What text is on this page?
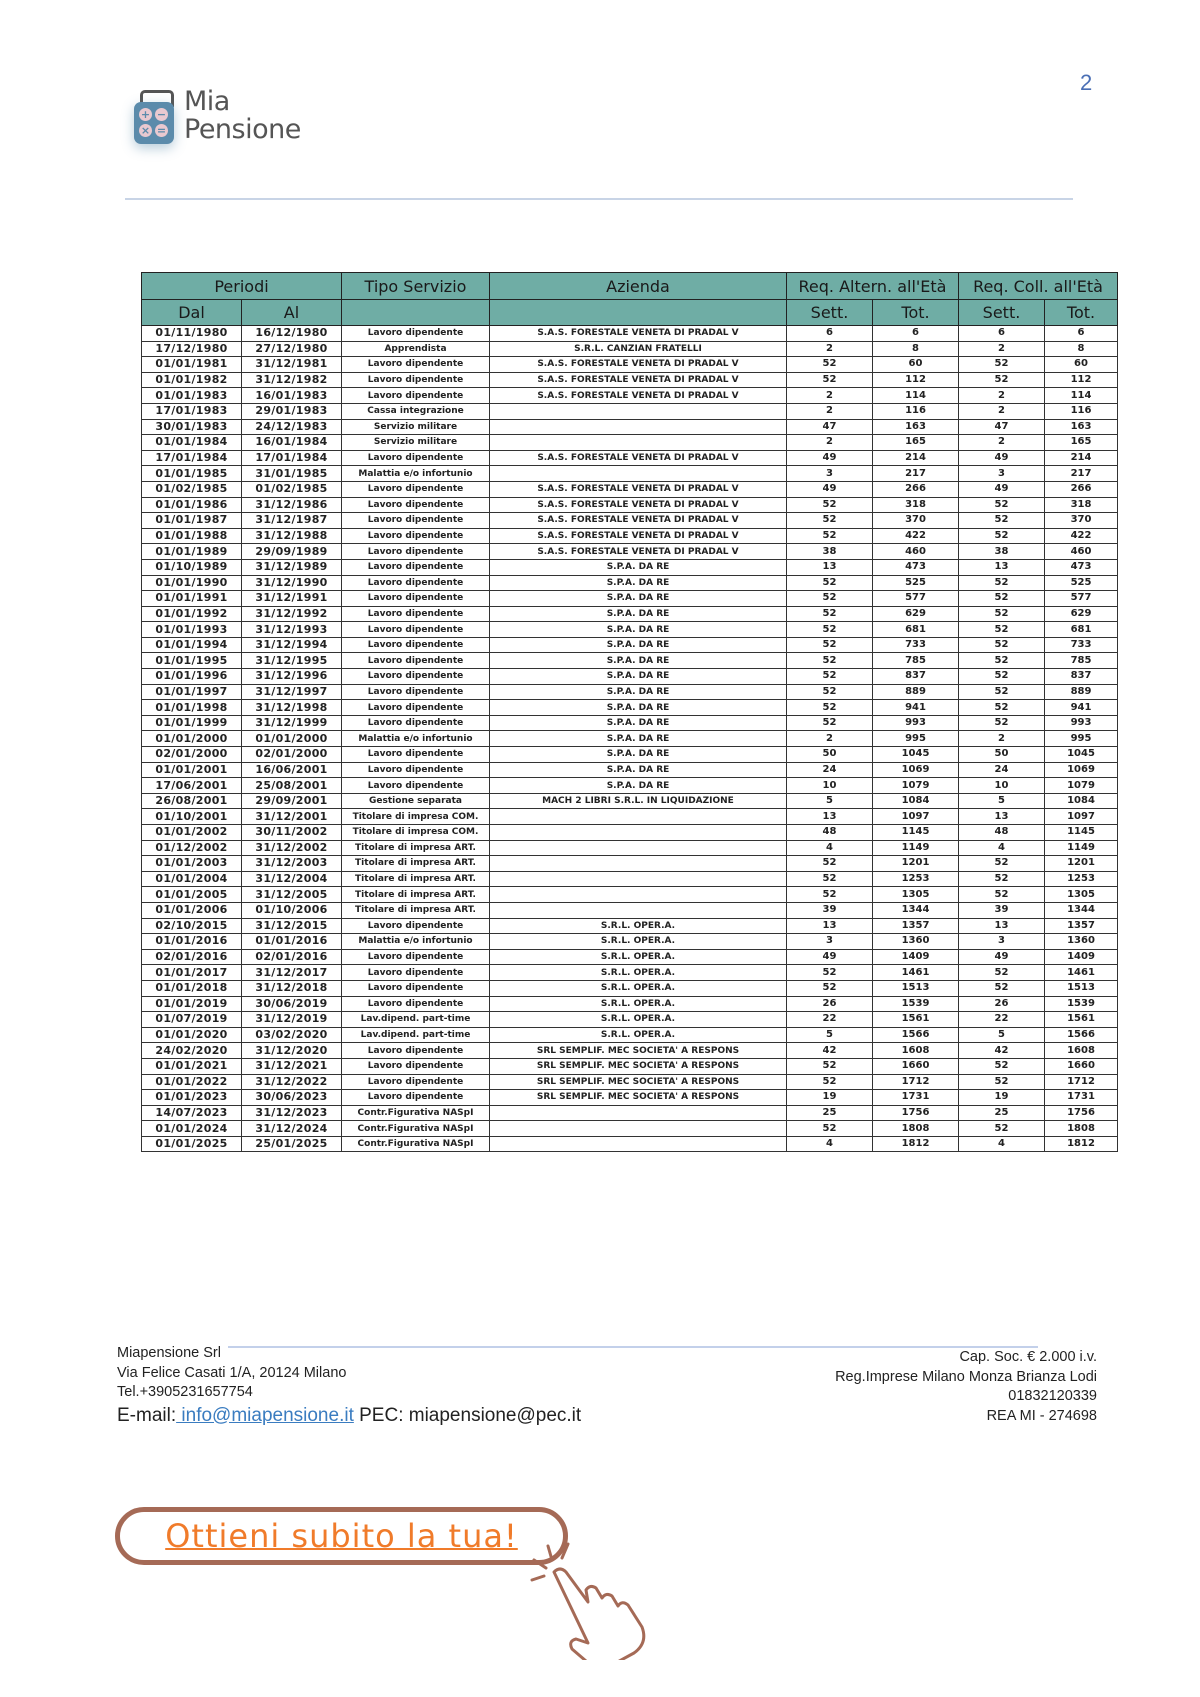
+ −
× =
Mia
Pensione
2
Periodi		Tipo Servizio	Azienda	Req. Altern. all'Età		Req. Coll. all'Età	
Dal	Al			Sett.	Tot.	Sett.	Tot.
01/11/1980	16/12/1980	Lavoro dipendente	S.A.S. FORESTALE VENETA DI PRADAL V	6	6	6	6
17/12/1980	27/12/1980	Apprendista	S.R.L. CANZIAN FRATELLI	2	8	2	8
01/01/1981	31/12/1981	Lavoro dipendente	S.A.S. FORESTALE VENETA DI PRADAL V	52	60	52	60
01/01/1982	31/12/1982	Lavoro dipendente	S.A.S. FORESTALE VENETA DI PRADAL V	52	112	52	112
01/01/1983	16/01/1983	Lavoro dipendente	S.A.S. FORESTALE VENETA DI PRADAL V	2	114	2	114
17/01/1983	29/01/1983	Cassa integrazione		2	116	2	116
30/01/1983	24/12/1983	Servizio militare		47	163	47	163
01/01/1984	16/01/1984	Servizio militare		2	165	2	165
17/01/1984	17/01/1984	Lavoro dipendente	S.A.S. FORESTALE VENETA DI PRADAL V	49	214	49	214
01/01/1985	31/01/1985	Malattia e/o infortunio		3	217	3	217
01/02/1985	01/02/1985	Lavoro dipendente	S.A.S. FORESTALE VENETA DI PRADAL V	49	266	49	266
01/01/1986	31/12/1986	Lavoro dipendente	S.A.S. FORESTALE VENETA DI PRADAL V	52	318	52	318
01/01/1987	31/12/1987	Lavoro dipendente	S.A.S. FORESTALE VENETA DI PRADAL V	52	370	52	370
01/01/1988	31/12/1988	Lavoro dipendente	S.A.S. FORESTALE VENETA DI PRADAL V	52	422	52	422
01/01/1989	29/09/1989	Lavoro dipendente	S.A.S. FORESTALE VENETA DI PRADAL V	38	460	38	460
01/10/1989	31/12/1989	Lavoro dipendente	S.P.A. DA RE	13	473	13	473
01/01/1990	31/12/1990	Lavoro dipendente	S.P.A. DA RE	52	525	52	525
01/01/1991	31/12/1991	Lavoro dipendente	S.P.A. DA RE	52	577	52	577
01/01/1992	31/12/1992	Lavoro dipendente	S.P.A. DA RE	52	629	52	629
01/01/1993	31/12/1993	Lavoro dipendente	S.P.A. DA RE	52	681	52	681
01/01/1994	31/12/1994	Lavoro dipendente	S.P.A. DA RE	52	733	52	733
01/01/1995	31/12/1995	Lavoro dipendente	S.P.A. DA RE	52	785	52	785
01/01/1996	31/12/1996	Lavoro dipendente	S.P.A. DA RE	52	837	52	837
01/01/1997	31/12/1997	Lavoro dipendente	S.P.A. DA RE	52	889	52	889
01/01/1998	31/12/1998	Lavoro dipendente	S.P.A. DA RE	52	941	52	941
01/01/1999	31/12/1999	Lavoro dipendente	S.P.A. DA RE	52	993	52	993
01/01/2000	01/01/2000	Malattia e/o infortunio	S.P.A. DA RE	2	995	2	995
02/01/2000	02/01/2000	Lavoro dipendente	S.P.A. DA RE	50	1045	50	1045
01/01/2001	16/06/2001	Lavoro dipendente	S.P.A. DA RE	24	1069	24	1069
17/06/2001	25/08/2001	Lavoro dipendente	S.P.A. DA RE	10	1079	10	1079
26/08/2001	29/09/2001	Gestione separata	MACH 2 LIBRI S.R.L. IN LIQUIDAZIONE	5	1084	5	1084
01/10/2001	31/12/2001	Titolare di impresa COM.		13	1097	13	1097
01/01/2002	30/11/2002	Titolare di impresa COM.		48	1145	48	1145
01/12/2002	31/12/2002	Titolare di impresa ART.		4	1149	4	1149
01/01/2003	31/12/2003	Titolare di impresa ART.		52	1201	52	1201
01/01/2004	31/12/2004	Titolare di impresa ART.		52	1253	52	1253
01/01/2005	31/12/2005	Titolare di impresa ART.		52	1305	52	1305
01/01/2006	01/10/2006	Titolare di impresa ART.		39	1344	39	1344
02/10/2015	31/12/2015	Lavoro dipendente	S.R.L. OPER.A.	13	1357	13	1357
01/01/2016	01/01/2016	Malattia e/o infortunio	S.R.L. OPER.A.	3	1360	3	1360
02/01/2016	02/01/2016	Lavoro dipendente	S.R.L. OPER.A.	49	1409	49	1409
01/01/2017	31/12/2017	Lavoro dipendente	S.R.L. OPER.A.	52	1461	52	1461
01/01/2018	31/12/2018	Lavoro dipendente	S.R.L. OPER.A.	52	1513	52	1513
01/01/2019	30/06/2019	Lavoro dipendente	S.R.L. OPER.A.	26	1539	26	1539
01/07/2019	31/12/2019	Lav.dipend. part-time	S.R.L. OPER.A.	22	1561	22	1561
01/01/2020	03/02/2020	Lav.dipend. part-time	S.R.L. OPER.A.	5	1566	5	1566
24/02/2020	31/12/2020	Lavoro dipendente	SRL SEMPLIF. MEC SOCIETA' A RESPONS	42	1608	42	1608
01/01/2021	31/12/2021	Lavoro dipendente	SRL SEMPLIF. MEC SOCIETA' A RESPONS	52	1660	52	1660
01/01/2022	31/12/2022	Lavoro dipendente	SRL SEMPLIF. MEC SOCIETA' A RESPONS	52	1712	52	1712
01/01/2023	30/06/2023	Lavoro dipendente	SRL SEMPLIF. MEC SOCIETA' A RESPONS	19	1731	19	1731
14/07/2023	31/12/2023	Contr.Figurativa NASpI		25	1756	25	1756
01/01/2024	31/12/2024	Contr.Figurativa NASpI		52	1808	52	1808
01/01/2025	25/01/2025	Contr.Figurativa NASpI		4	1812	4	1812
Miapensione Srl
Via Felice Casati 1/A, 20124 Milano
Tel.+3905231657754
E-mail: info@miapensione.it PEC: miapensione@pec.it
Cap. Soc. € 2.000 i.v.
Reg.Imprese Milano Monza Brianza Lodi
01832120339
REA MI - 274698
Ottieni subito la tua!
